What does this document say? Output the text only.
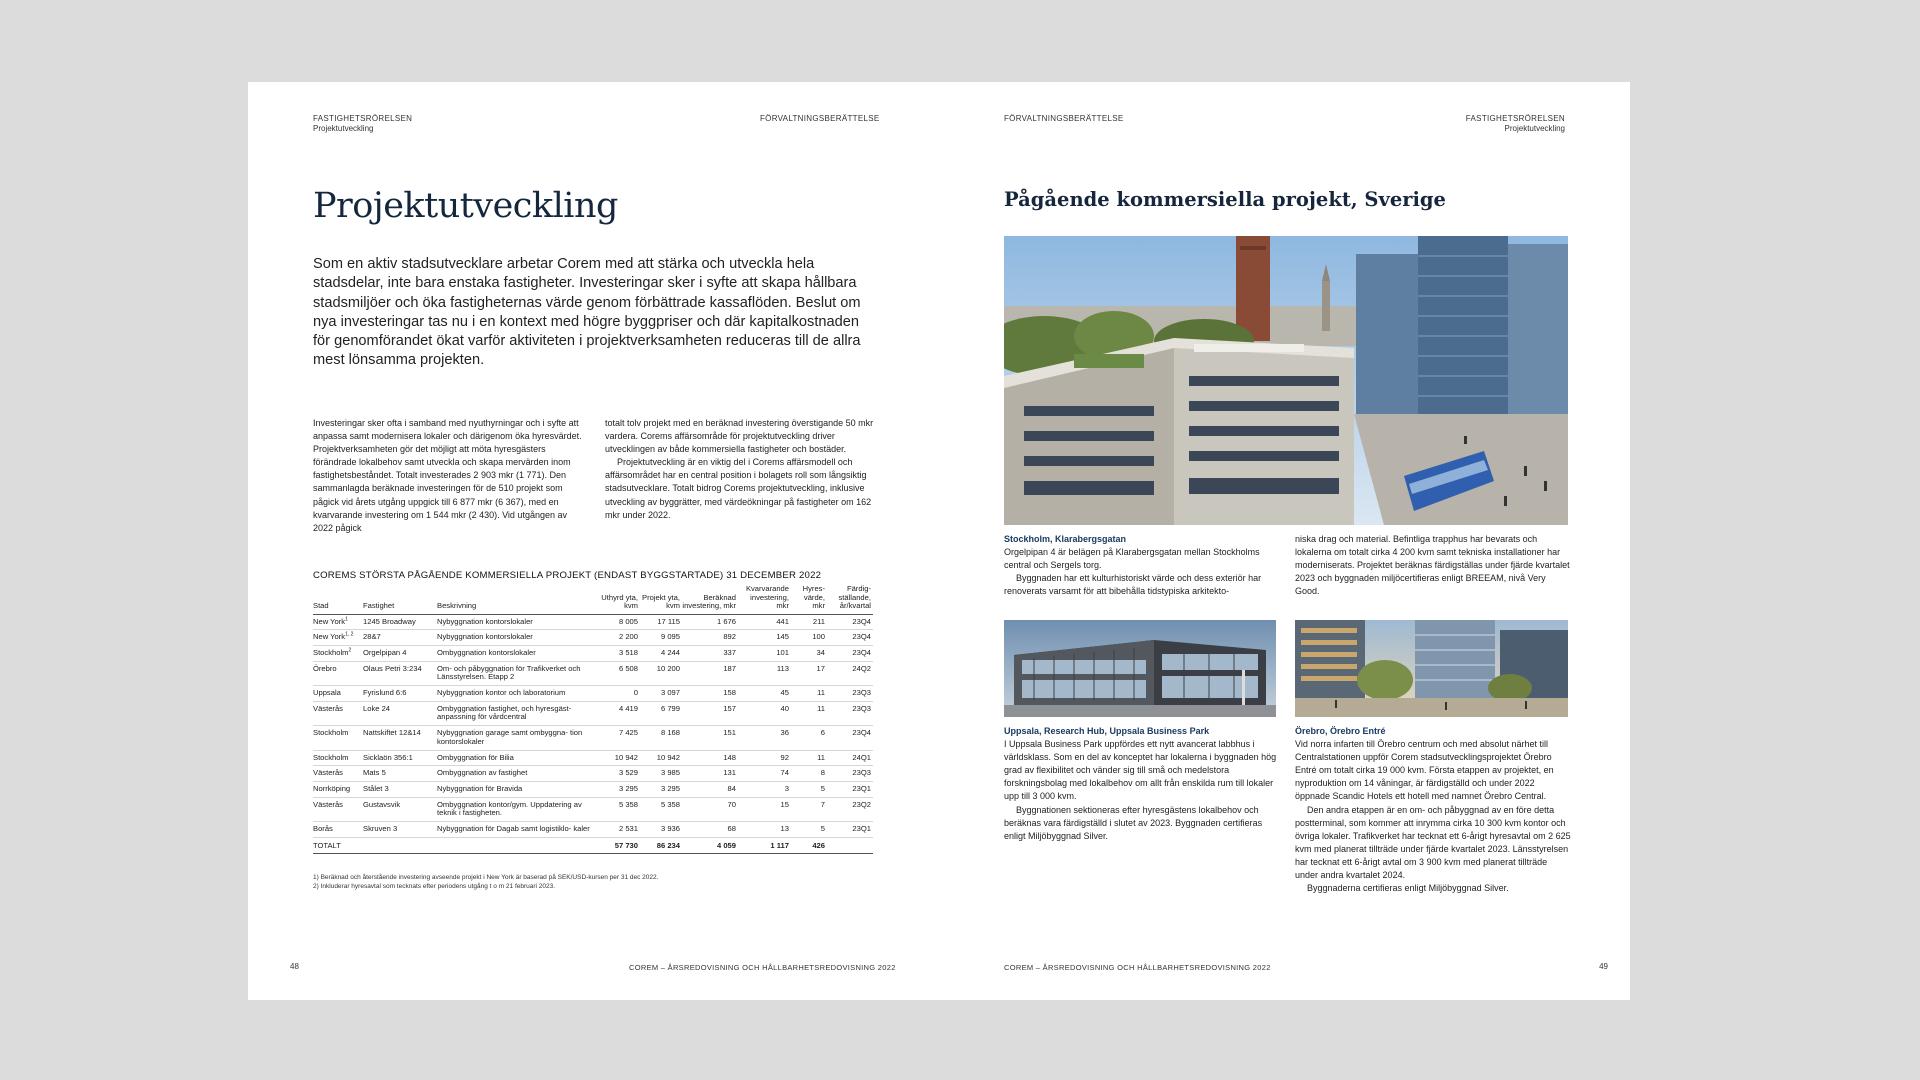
FASTIGHETSRÖRELSEN
Projektutveckling
FÖRVALTNINGSBERÄTTELSE
Projektutveckling

Som en aktiv stadsutvecklare arbetar Corem med att stärka och utveckla hela stadsdelar, inte bara enstaka fastigheter. Investeringar sker i syfte att skapa hållbara stadsmiljöer och öka fastigheternas värde genom förbättrade kassaflöden. Beslut om nya investeringar tas nu i en kontext med högre byggpriser och där kapitalkostnaden för genomförandet ökat varför aktiviteten i projektverksamheten reduceras till de allra mest lönsamma projekten.

Investeringar sker ofta i samband med nyuthyrningar och i syfte att anpassa samt modernisera lokaler och därigenom öka hyresvärdet. Projektverksamheten gör det möjligt att möta hyresgästers förändrade lokalbehov samt utveckla och skapa mervärden inom fastighetsbeståndet. Totalt investerades 2 903 mkr (1 771). Den sammanlagda beräknade investeringen för de 510 projekt som pågick vid årets utgång uppgick till 6 877 mkr (6 367), med en kvarvarande investering om 1 544 mkr (2 430). Vid utgången av 2022 pågick

totalt tolv projekt med en beräknad investering överstigande 50 mkr vardera. Corems affärsområde för projektutveckling driver utvecklingen av både kommersiella fastigheter och bostäder.

Projektutveckling är en viktig del i Corems affärsmodell och affärsområdet har en central position i bolagets roll som långsiktig stadsutvecklare. Totalt bidrog Corems projektutveckling, inklusive utveckling av byggrätter, med värdeökningar på fastigheter om 162 mkr under 2022.

COREMS STÖRSTA PÅGÅENDE KOMMERSIELLA PROJEKT (ENDAST BYGGSTARTADE) 31 DECEMBER 2022
Stad	Fastighet	Beskrivning	Uthyrd yta, kvm	Projekt yta, kvm	Beräknad investering, mkr	Kvarvarande investering, mkr	Hyres- värde, mkr	Färdig- ställande, år/kvartal
New York$^1$	1245 Broadway	Nybyggnation kontorslokaler	8 005	17 115	1 676	441	211	23Q4
New York$^{1, 2}$	28&7	Nybyggnation kontorslokaler	2 200	9 095	892	145	100	23Q4
Stockholm$^2$	Orgelpipan 4	Ombyggnation kontorslokaler	3 518	4 244	337	101	34	23Q4
Örebro	Olaus Petri 3:234	Om- och påbyggnation för Trafikverket och Länsstyrelsen. Etapp 2	6 508	10 200	187	113	17	24Q2
Uppsala	Fyrislund 6:6	Nybyggnation kontor och laboratorium	0	3 097	158	45	11	23Q3
Västerås	Loke 24	Ombyggnation fastighet, och hyresgäst- anpassning för vårdcentral	4 419	6 799	157	40	11	23Q3
Stockholm	Nattskiftet 12&14	Nybyggnation garage samt ombyggna- tion kontorslokaler	7 425	8 168	151	36	6	23Q4
Stockholm	Sicklaön 356:1	Ombyggnation för Bilia	10 942	10 942	148	92	11	24Q1
Västerås	Mats 5	Ombyggnation av fastighet	3 529	3 985	131	74	8	23Q3
Norrköping	Stålet 3	Nybyggnation för Bravida	3 295	3 295	84	3	5	23Q1
Västerås	Gustavsvik	Ombyggnation kontor/gym. Uppdatering av teknik i fastigheten.	5 358	5 358	70	15	7	23Q2
Borås	Skruven 3	Nybyggnation för Dagab samt logistiklo- kaler	2 531	3 936	68	13	5	23Q1
TOTALT			57 730	86 234	4 059	1 117	426	
1) Beräknad och återstående investering avseende projekt i New York är baserad på SEK/USD-kursen per 31 dec 2022.
2) Inkluderar hyresavtal som tecknats efter periodens utgång t o m 21 februari 2023.
48	COREM – ÅRSREDOVISNING OCH HÅLLBARHETSREDOVISNING 2022
FÖRVALTNINGSBERÄTTELSE	FASTIGHETSRÖRELSEN
Projektutveckling
Pågående kommersiella projekt, Sverige
Stockholm, Klarabergsgatan

Orgelpipan 4 är belägen på Klarabergsgatan mellan Stockholms central och Sergels torg.

Byggnaden har ett kulturhistoriskt värde och dess exteriör har renoverats varsamt för att bibehålla tidstypiska arkitekto-

niska drag och material. Befintliga trapphus har bevarats och lokalerna om totalt cirka 4 200 kvm samt tekniska installationer har moderniserats. Projektet beräknas färdigställas under fjärde kvartalet 2023 och byggnaden miljöcertifieras enligt BREEAM, nivå Very Good.

Uppsala, Research Hub, Uppsala Business Park

I Uppsala Business Park uppfördes ett nytt avancerat labbhus i världsklass. Som en del av konceptet har lokalerna i byggnaden hög grad av flexibilitet och vänder sig till små och medelstora forskningsbolag med lokalbehov om allt från enskilda rum till lokaler upp till 3 000 kvm.

Byggnationen sektioneras efter hyresgästens lokalbehov och beräknas vara färdigställd i slutet av 2023. Byggnaden certifieras enligt Miljöbyggnad Silver.

Örebro, Örebro Entré

Vid norra infarten till Örebro centrum och med absolut närhet till Centralstationen uppför Corem stadsutvecklingsprojektet Örebro Entré om totalt cirka 19 000 kvm. Första etappen av projektet, en nyproduktion om 14 våningar, är färdigställd och under 2022 öppnade Scandic Hotels ett hotell med namnet Örebro Central.

Den andra etappen är en om- och påbyggnad av en före detta postterminal, som kommer att inrymma cirka 10 300 kvm kontor och övriga lokaler. Trafikverket har tecknat ett 6-årigt hyresavtal om 2 625 kvm med planerat tillträde under fjärde kvartalet 2023. Länsstyrelsen har tecknat ett 6-årigt avtal om 3 900 kvm med planerat tillträde under andra kvartalet 2024.

Byggnaderna certifieras enligt Miljöbyggnad Silver.

COREM – ÅRSREDOVISNING OCH HÅLLBARHETSREDOVISNING 2022	49
